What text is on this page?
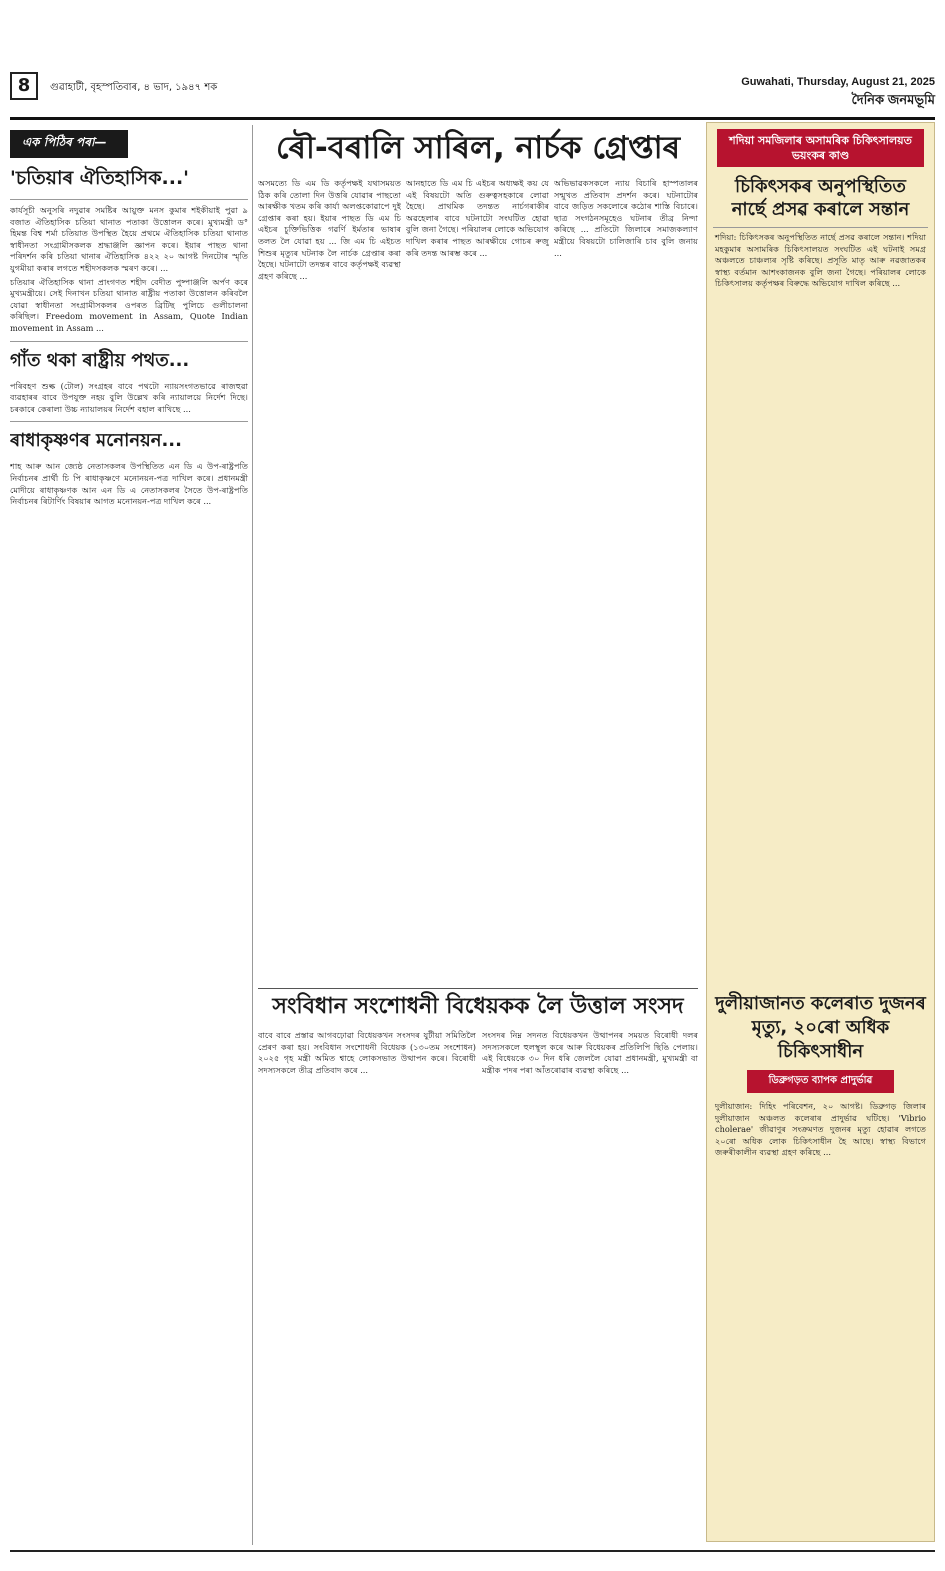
8	গুৱাহাটী, বৃহস্পতিবাৰ, ৪ ভাদ, ১৯৪৭ শক	Guwahati, Thursday, August 21, 2025
দৈনিক জনমভূমি
এক পিঠিৰ পৰা—
'চতিয়াৰ ঐতিহাসিক...'

কাৰ্যসূচী অনুসৰি নদুৱাৰ সমষ্টিৰ আয়ুক্ত মনস কুমাৰ শইকীয়াই পুৱা ৯ বজাত ঐতিহাসিক চতিয়া থানাত পতাকা উত্তোলন কৰে। মুখ্যমন্ত্ৰী ড° হিমন্ত বিশ্ব শৰ্মা চতিয়াত উপস্থিত হৈয়ে প্ৰথমে ঐতিহাসিক চতিয়া থানাত স্বাধীনতা সংগ্ৰামীসকলক শ্ৰদ্ধাঞ্জলি জ্ঞাপন কৰে। ইয়াৰ পাছত থানা পৰিদৰ্শন কৰি চতিয়া থানাৰ ঐতিহাসিক ৪২২ ২০ আগষ্ট দিনটোৰ স্মৃতি যুগমীয়া কৰাৰ লগতে শহীদসকলক স্মৰণ কৰে। ...

চতিয়াৰ ঐতিহাসিক থানা প্ৰাংগণত শহীদ বেদীত পুষ্পাঞ্জলি অৰ্পণ কৰে মুখ্যমন্ত্ৰীয়ে। সেই দিনাখন চতিয়া থানাত ৰাষ্ট্ৰীয় পতাকা উত্তোলন কৰিবলৈ যোৱা স্বাধীনতা সংগ্ৰামীসকলৰ ওপৰত ব্ৰিটিছ পুলিচে গুলীচালনা কৰিছিল। Freedom movement in Assam, Quote Indian movement in Assam ...

গাঁত থকা ৰাষ্ট্ৰীয় পথত...

পৰিবহণ শুল্ক (টোল) সংগ্ৰহৰ বাবে পথটো ন্যায়সংগতভাৱে ৰাজহুৱা ব্যৱহাৰৰ বাবে উপযুক্ত নহয় বুলি উল্লেখ কৰি ন্যায়ালয়ে নিৰ্দেশ দিছে। চৰকাৰে কেৰালা উচ্চ ন্যায়ালয়ৰ নিৰ্দেশ বহাল ৰাখিছে ...

ৰাধাকৃষ্ণণৰ মনোনয়ন...

শাহ আৰু আন জ্যেষ্ঠ নেতাসকলৰ উপস্থিতিত এন ডি এ উপ-ৰাষ্ট্ৰপতি নিৰ্বাচনৰ প্ৰাৰ্থী চি পি ৰাধাকৃষ্ণণে মনোনয়ন-পত্ৰ দাখিল কৰে। প্ৰধানমন্ত্ৰী মোদীয়ে ৰাধাকৃষ্ণণক আন এন ডি এ নেতাসকলৰ সৈতে উপ-ৰাষ্ট্ৰপতি নিৰ্বাচনৰ ৰিটাৰ্ণিং বিষয়াৰ আগত মনোনয়ন-পত্ৰ দাখিল কৰে ...

ৰৌ-বৰালি সাৰিল, নাৰ্চক গ্ৰেপ্তাৰ

অসমত্যে ডি এম ডি কৰ্তৃপক্ষই যথাসময়ত ঠিক কৰি তোলা দিন উত্তৰি যোৱাৰ পাছতো আৰক্ষীক খতম কৰি কাৰ্যা অলপ্তকোৱাপে দুই গ্ৰেপ্তাৰ কৰা হয়। ইয়াৰ পাছত ডি এম চি এইচৰ চুক্তিভিত্তিক গৱৰ্ণি ইৰ্মতাৰ ভাষাৰ তলত লৈ যোৱা হয় ... জি এম চি এইচত শিশুৰ মৃত্যুৰ ঘটনাক লৈ নাৰ্চক গ্ৰেপ্তাৰ কৰা হৈছে। ঘটনাটো তদন্তৰ বাবে কৰ্তৃপক্ষই ব্যৱস্থা গ্ৰহণ কৰিছে ...

আনহাতে ডি এম চি এইচৰ অধ্যক্ষই কয় যে এই বিষয়টো অতি গুৰুত্বসহকাৰে লোৱা হৈছে। প্ৰাথমিক তদন্তত নাৰ্চগৰাকীৰ অৱহেলাৰ বাবে ঘটনাটো সংঘটিত হোৱা বুলি জনা গৈছে। পৰিয়ালৰ লোকে অভিযোগ দাখিল কৰাৰ পাছত আৰক্ষীয়ে গোচৰ ৰুজু কৰি তদন্ত আৰম্ভ কৰে ...

অভিভাৱকসকলে ন্যায় বিচাৰি হাস্পতালৰ সন্মুখত প্ৰতিবাদ প্ৰদৰ্শন কৰে। ঘটনাটোৰ বাবে জড়িত সকলোৰে কঠোৰ শাস্তি বিচাৰে। ছাত্ৰ সংগঠনসমূহেও ঘটনাৰ তীব্ৰ নিন্দা কৰিছে ... প্ৰতিটো জিলাৰে সমাজকল্যাণ মন্ত্ৰীয়ে বিষয়টো চালিজাৰি চাব বুলি জনায় ...

সংবিধান সংশোধনী বিধেয়কক লৈ উত্তাল সংসদ

বাবে বাবে প্ৰস্তাৱ আগবঢ়োৱা বিধেয়কখন সংসদৰ যুটীয়া সমিতিলৈ প্ৰেৰণ কৰা হয়। সংবিধান সংশোধনী বিধেয়ক (১৩০তম সংশোধন) ২০২৫ গৃহ মন্ত্ৰী অমিত শ্বাহে লোকসভাত উত্থাপন কৰে। বিৰোধী সদস্যসকলে তীব্ৰ প্ৰতিবাদ কৰে ...

সংসদৰ নিম্ন সদনত বিধেয়কখন উত্থাপনৰ সময়ত বিৰোধী দলৰ সদস্যসকলে হুলস্থূল কৰে আৰু বিধেয়কৰ প্ৰতিলিপি ছিঙি পেলায়। এই বিধেয়কে ৩০ দিন ধৰি জেললৈ যোৱা প্ৰধানমন্ত্ৰী, মুখ্যমন্ত্ৰী বা মন্ত্ৰীক পদৰ পৰা আঁতৰোৱাৰ ব্যৱস্থা কৰিছে ...

শদিয়া সমজিলাৰ অসামৰিক চিকিৎসালয়ত ভয়ংকৰ কাণ্ড
চিকিৎসকৰ অনুপস্থিতিত নাৰ্ছে প্ৰসৱ কৰালে সন্তান

শদিয়া: চিকিৎসকৰ অনুপস্থিতিত নাৰ্ছে প্ৰসৱ কৰালে সন্তান। শদিয়া মহকুমাৰ অসামৰিক চিকিৎসালয়ত সংঘটিত এই ঘটনাই সমগ্ৰ অঞ্চলতে চাঞ্চল্যৰ সৃষ্টি কৰিছে। প্ৰসূতি মাতৃ আৰু নৱজাতকৰ স্বাস্থ্য বৰ্তমান আশংকাজনক বুলি জনা গৈছে। পৰিয়ালৰ লোকে চিকিৎসালয় কৰ্তৃপক্ষৰ বিৰুদ্ধে অভিযোগ দাখিল কৰিছে ...

দুলীয়াজানত কলেৰাত দুজনৰ মৃত্যু, ২০ৰো অধিক চিকিৎসাধীন
ডিব্ৰুগড়ত ব্যাপক প্ৰাদুৰ্ভাৱ

দুলীয়াজান: দিহিং পৰিবেশন, ২০ আগষ্ট। ডিব্ৰুগড় জিলাৰ দুলীয়াজান অঞ্চলত কলেৰাৰ প্ৰাদুৰ্ভাৱ ঘটিছে। 'Vibrio cholerae' জীৱাণুৰ সংক্ৰমণত দুজনৰ মৃত্যু হোৱাৰ লগতে ২০ৰো অধিক লোক চিকিৎসাধীন হৈ আছে। স্বাস্থ্য বিভাগে জৰুৰীকালীন ব্যৱস্থা গ্ৰহণ কৰিছে ...
